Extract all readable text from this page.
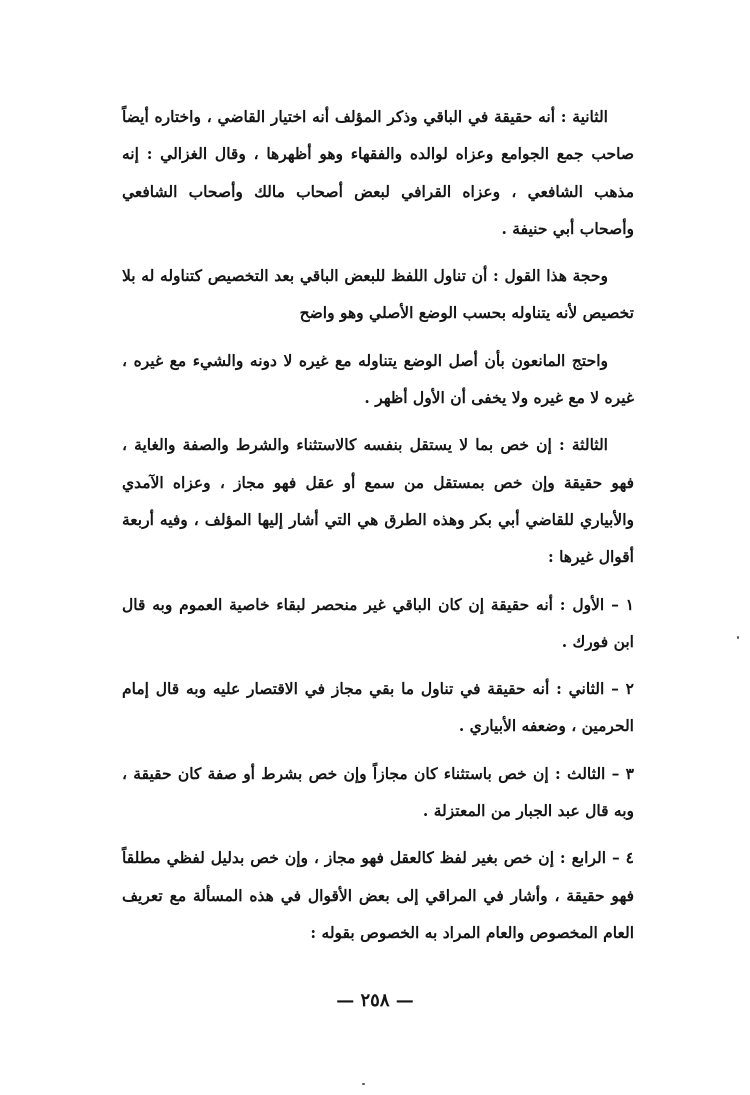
الثانية : أنه حقيقة في الباقي وذكر المؤلف أنه اختيار القاضي ، واختاره أيضاً صاحب جمع الجوامع وعزاه لوالده والفقهاء وهو أظهرها ، وقال الغزالي : إنه مذهب الشافعي ، وعزاه القرافي لبعض أصحاب مالك وأصحاب الشافعي وأصحاب أبي حنيفة .

وحجة هذا القول : أن تناول اللفظ للبعض الباقي بعد التخصيص كتناوله له بلا تخصيص لأنه يتناوله بحسب الوضع الأصلي وهو واضح

واحتج المانعون بأن أصل الوضع يتناوله مع غيره لا دونه والشيء مع غيره ، غيره لا مع غيره ولا يخفى أن الأول أظهر .

الثالثة : إن خص بما لا يستقل بنفسه كالاستثناء والشرط والصفة والغاية ، فهو حقيقة وإن خص بمستقل من سمع أو عقل فهو مجاز ، وعزاه الآمدي والأبياري للقاضي أبي بكر وهذه الطرق هي التي أشار إليها المؤلف ، وفيه أربعة أقوال غيرها :

١ – الأول : أنه حقيقة إن كان الباقي غير منحصر لبقاء خاصية العموم وبه قال ابن فورك .

٢ – الثاني : أنه حقيقة في تناول ما بقي مجاز في الاقتصار عليه وبه قال إمام الحرمين ، وضعفه الأبياري .

٣ – الثالث : إن خص باستثناء كان مجازاً وإن خص بشرط أو صفة كان حقيقة ، وبه قال عبد الجبار من المعتزلة .

٤ – الرابع : إن خص بغير لفظ كالعقل فهو مجاز ، وإن خص بدليل لفظي مطلقاً فهو حقيقة ، وأشار في المراقي إلى بعض الأقوال في هذه المسألة مع تعريف العام المخصوص والعام المراد به الخصوص بقوله :

— ٢٥٨ —
